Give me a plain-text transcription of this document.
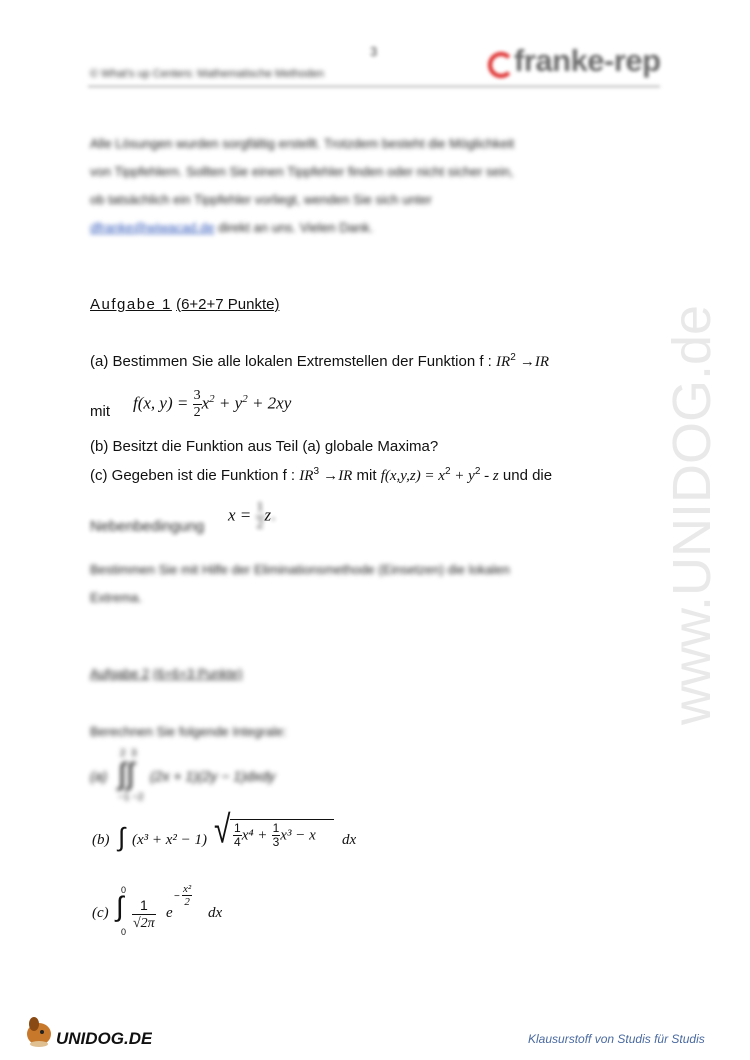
3
© What's up Centers: Mathematische Methoden	franke-rep
Alle Lösungen wurden sorgfältig erstellt. Trotzdem besteht die Möglichkeit
von Tippfehlern. Sollten Sie einen Tippfehler finden oder nicht sicher sein,
ob tatsächlich ein Tippfehler vorliegt, wenden Sie sich unter
dfranke@wiwacad.de direkt an uns. Vielen Dank.
Aufgabe 1 (6+2+7 Punkte)
(a) Bestimmen Sie alle lokalen Extremstellen der Funktion f : $IR^2 \to IR$
mit f(x, $y) = \frac{3}{2} x^2 + y^2 + 2xy$
(b) Besitzt die Funktion aus Teil (a) globale Maxima?
(c) Gegeben ist die Funktion f : $IR^3 \to IR$ mit $f(x,y,z) = x^2 + y^2 - z$ und die
Nebenbedingung
$x = \frac{1}{2} z$.
Bestimmen Sie mit Hilfe der Eliminationsmethode (Einsetzen) die lokalen
Extrema.
Aufgabe 2 (6+6+3 Punkte)
Berechnen Sie folgende Integrale:
(a)
2 3
∫∫
−1 −2
(2x + 1)(2y − 1)dxdy
(b) ∫ (x³ + x² − 1) √ $\frac{1}{4} x^4 + \frac{1}{3} x^3 - x$ dx
(c)
0
∫
$0 \frac{1}{√2\pi}$ e
− $\frac{\text{x²}}{2}$
dx
www.UNIDOG.de
UNIDOG.DE	Klausurstoff von Studis für Studis
